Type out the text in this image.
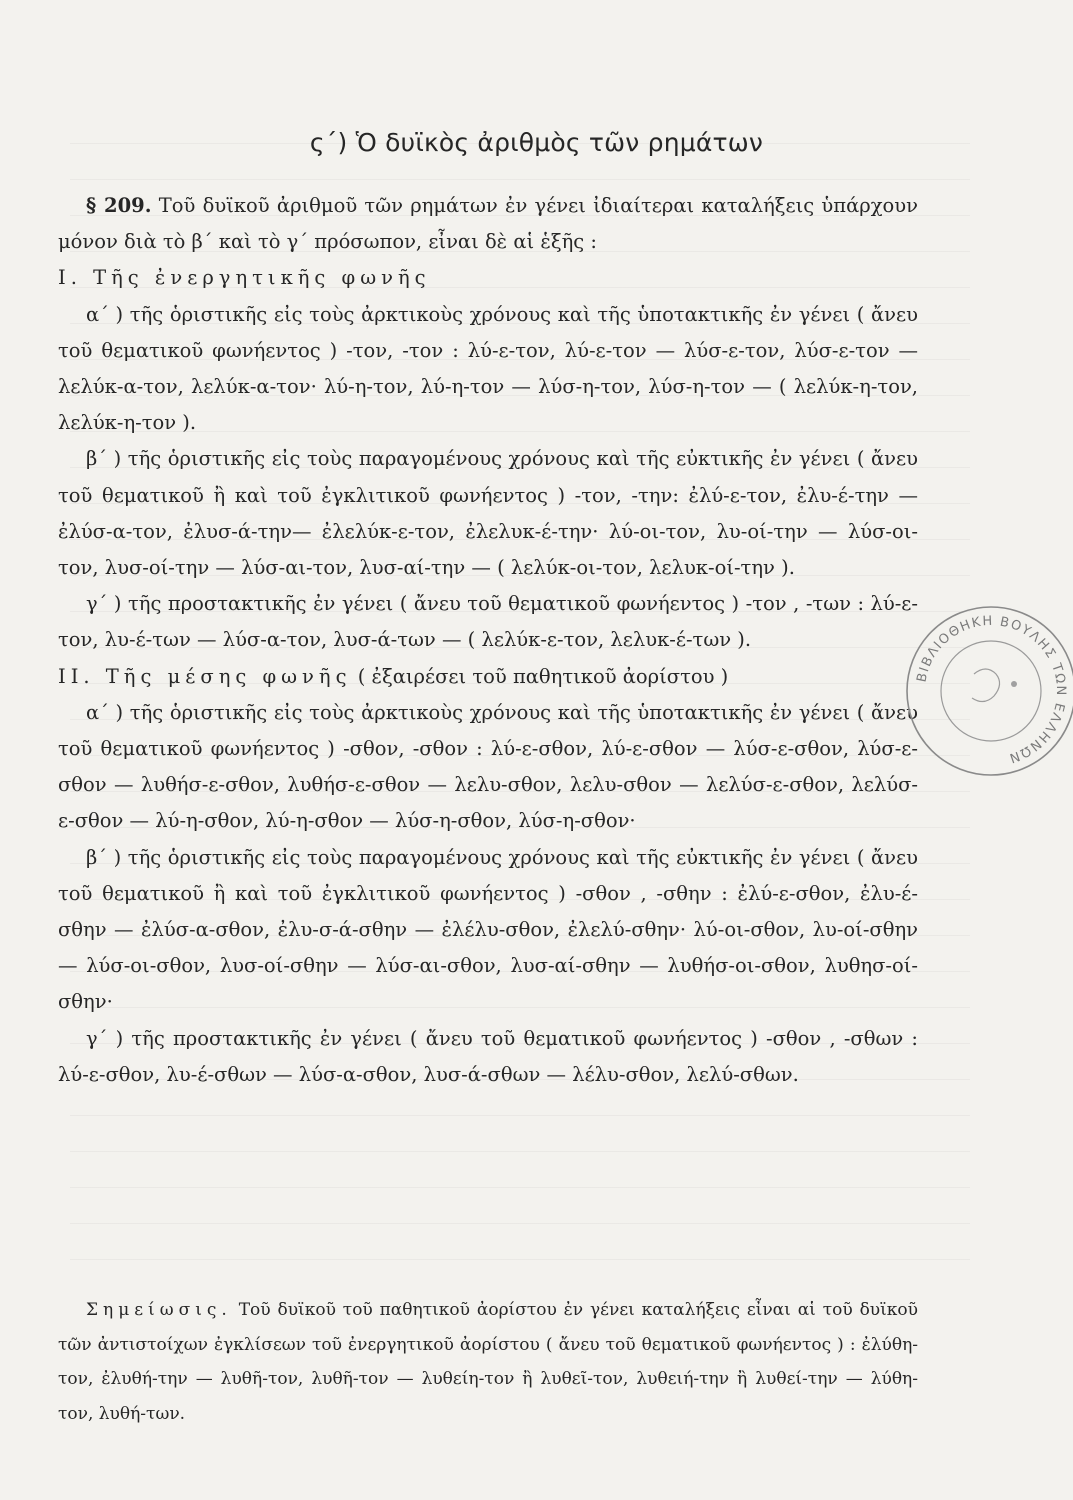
ς΄) Ὁ δυϊκὸς ἀριθμὸς τῶν ρημάτων

§ 209. Τοῦ δυϊκοῦ ἀριθμοῦ τῶν ρημάτων ἐν γένει ἰδιαίτεραι καταλήξεις ὑπάρχουν μόνον διὰ τὸ β΄ καὶ τὸ γ΄ πρόσωπον, εἶναι δὲ αἱ ἑξῆς :

I. Τῆς ἐνεργητικῆς φωνῆς

α΄ ) τῆς ὁριστικῆς εἰς τοὺς ἀρκτικοὺς χρόνους καὶ τῆς ὑποτακτικῆς ἐν γένει ( ἄνευ τοῦ θεματικοῦ φωνήεντος ) -τον, -τον : λύ-ε-τον, λύ-ε-τον — λύσ-ε-τον, λύσ-ε-τον — λελύκ-α-τον, λελύκ-α-τον· λύ-η-τον, λύ-η-τον — λύσ-η-τον, λύσ-η-τον — ( λελύκ-η-τον, λελύκ-η-τον ).

β΄ ) τῆς ὁριστικῆς εἰς τοὺς παραγομένους χρόνους καὶ τῆς εὐκτικῆς ἐν γένει ( ἄνευ τοῦ θεματικοῦ ἢ καὶ τοῦ ἐγκλιτικοῦ φωνήεντος ) -τον, -την: ἐλύ-ε-τον, ἐλυ-έ-την — ἐλύσ-α-τον, ἐλυσ-ά-την— ἐλελύκ-ε-τον, ἐλελυκ-έ-την· λύ-οι-τον, λυ-οί-την — λύσ-οι-τον, λυσ-οί-την — λύσ-αι-τον, λυσ-αί-την — ( λελύκ-οι-τον, λελυκ-οί-την ).

γ΄ ) τῆς προστακτικῆς ἐν γένει ( ἄνευ τοῦ θεματικοῦ φωνήεντος ) -τον , -των : λύ-ε-τον, λυ-έ-των — λύσ-α-τον, λυσ-ά-των — ( λελύκ-ε-τον, λελυκ-έ-των ).

II. Τῆς μέσης φωνῆς ( ἐξαιρέσει τοῦ παθητικοῦ ἀορίστου )

α΄ ) τῆς ὁριστικῆς εἰς τοὺς ἀρκτικοὺς χρόνους καὶ τῆς ὑποτακτικῆς ἐν γένει ( ἄνευ τοῦ θεματικοῦ φωνήεντος ) -σθον, -σθον : λύ-ε-σθον, λύ-ε-σθον — λύσ-ε-σθον, λύσ-ε-σθον — λυθήσ-ε-σθον, λυθήσ-ε-σθον — λελυ-σθον, λελυ-σθον — λελύσ-ε-σθον, λελύσ-ε-σθον — λύ-η-σθον, λύ-η-σθον — λύσ-η-σθον, λύσ-η-σθον·

β΄ ) τῆς ὁριστικῆς εἰς τοὺς παραγομένους χρόνους καὶ τῆς εὐκτικῆς ἐν γένει ( ἄνευ τοῦ θεματικοῦ ἢ καὶ τοῦ ἐγκλιτικοῦ φωνήεντος ) -σθον , -σθην : ἐλύ-ε-σθον, ἐλυ-έ-σθην — ἐλύσ-α-σθον, ἐλυ-σ-ά-σθην — ἐλέλυ-σθον, ἐλελύ-σθην· λύ-οι-σθον, λυ-οί-σθην — λύσ-οι-σθον, λυσ-οί-σθην — λύσ-αι-σθον, λυσ-αί-σθην — λυθήσ-οι-σθον, λυθησ-οί-σθην·

γ΄ ) τῆς προστακτικῆς ἐν γένει ( ἄνευ τοῦ θεματικοῦ φωνήεντος ) -σθον , -σθων : λύ-ε-σθον, λυ-έ-σθων — λύσ-α-σθον, λυσ-ά-σθων — λέλυ-σθον, λελύ-σθων.

Σημείωσις. Τοῦ δυϊκοῦ τοῦ παθητικοῦ ἀορίστου ἐν γένει καταλήξεις εἶναι αἱ τοῦ δυϊκοῦ τῶν ἀντιστοίχων ἐγκλίσεων τοῦ ἐνεργητικοῦ ἀορίστου ( ἄνευ τοῦ θεματικοῦ φωνήεντος ) : ἐλύθη-τον, ἐλυθή-την — λυθῆ-τον, λυθῆ-τον — λυθείη-τον ἢ λυθεῖ-τον, λυθειή-την ἢ λυθεί-την — λύθη-τον, λυθή-των.

ΒΙΒΛΙΟΘΗΚΗ ΒΟΥΛΗΣ ΤΩΝ ΕΛΛΗΝΩΝ
